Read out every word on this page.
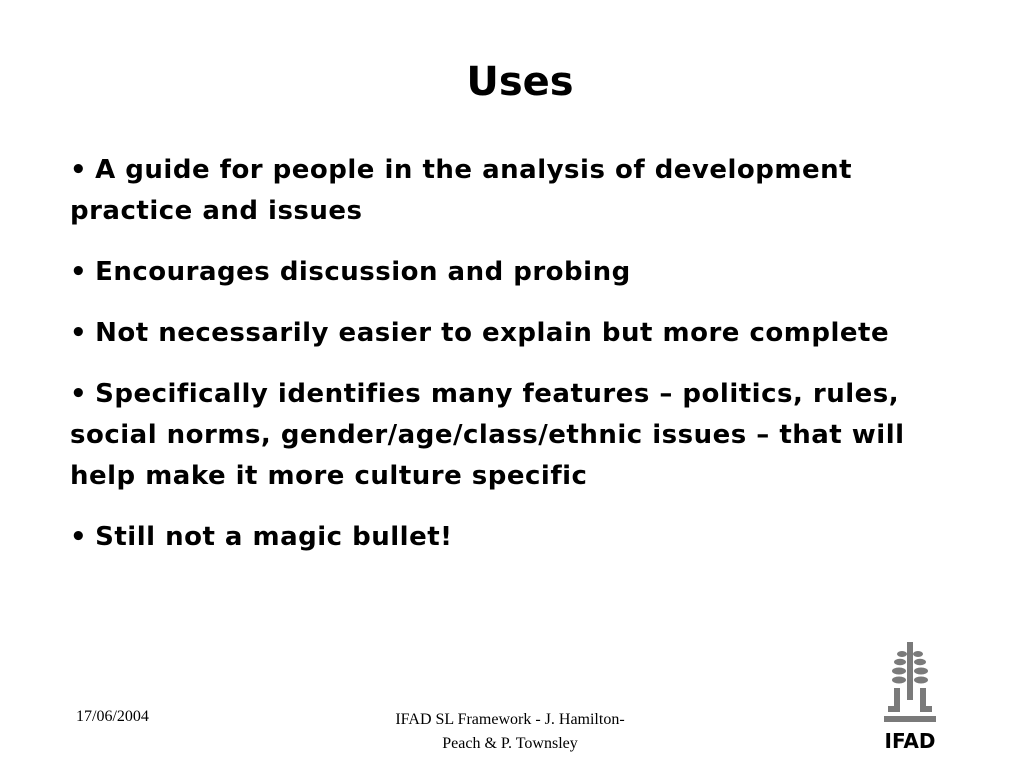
Uses
• A guide for people in the analysis of development practice and issues
• Encourages discussion and probing
• Not necessarily easier to explain but more complete
• Specifically identifies many features – politics, rules, social norms, gender/age/class/ethnic issues – that will help make it more culture specific
• Still not a magic bullet!
17/06/2004	IFAD SL Framework - J. Hamilton-
Peach & P. Townsley	IFAD
